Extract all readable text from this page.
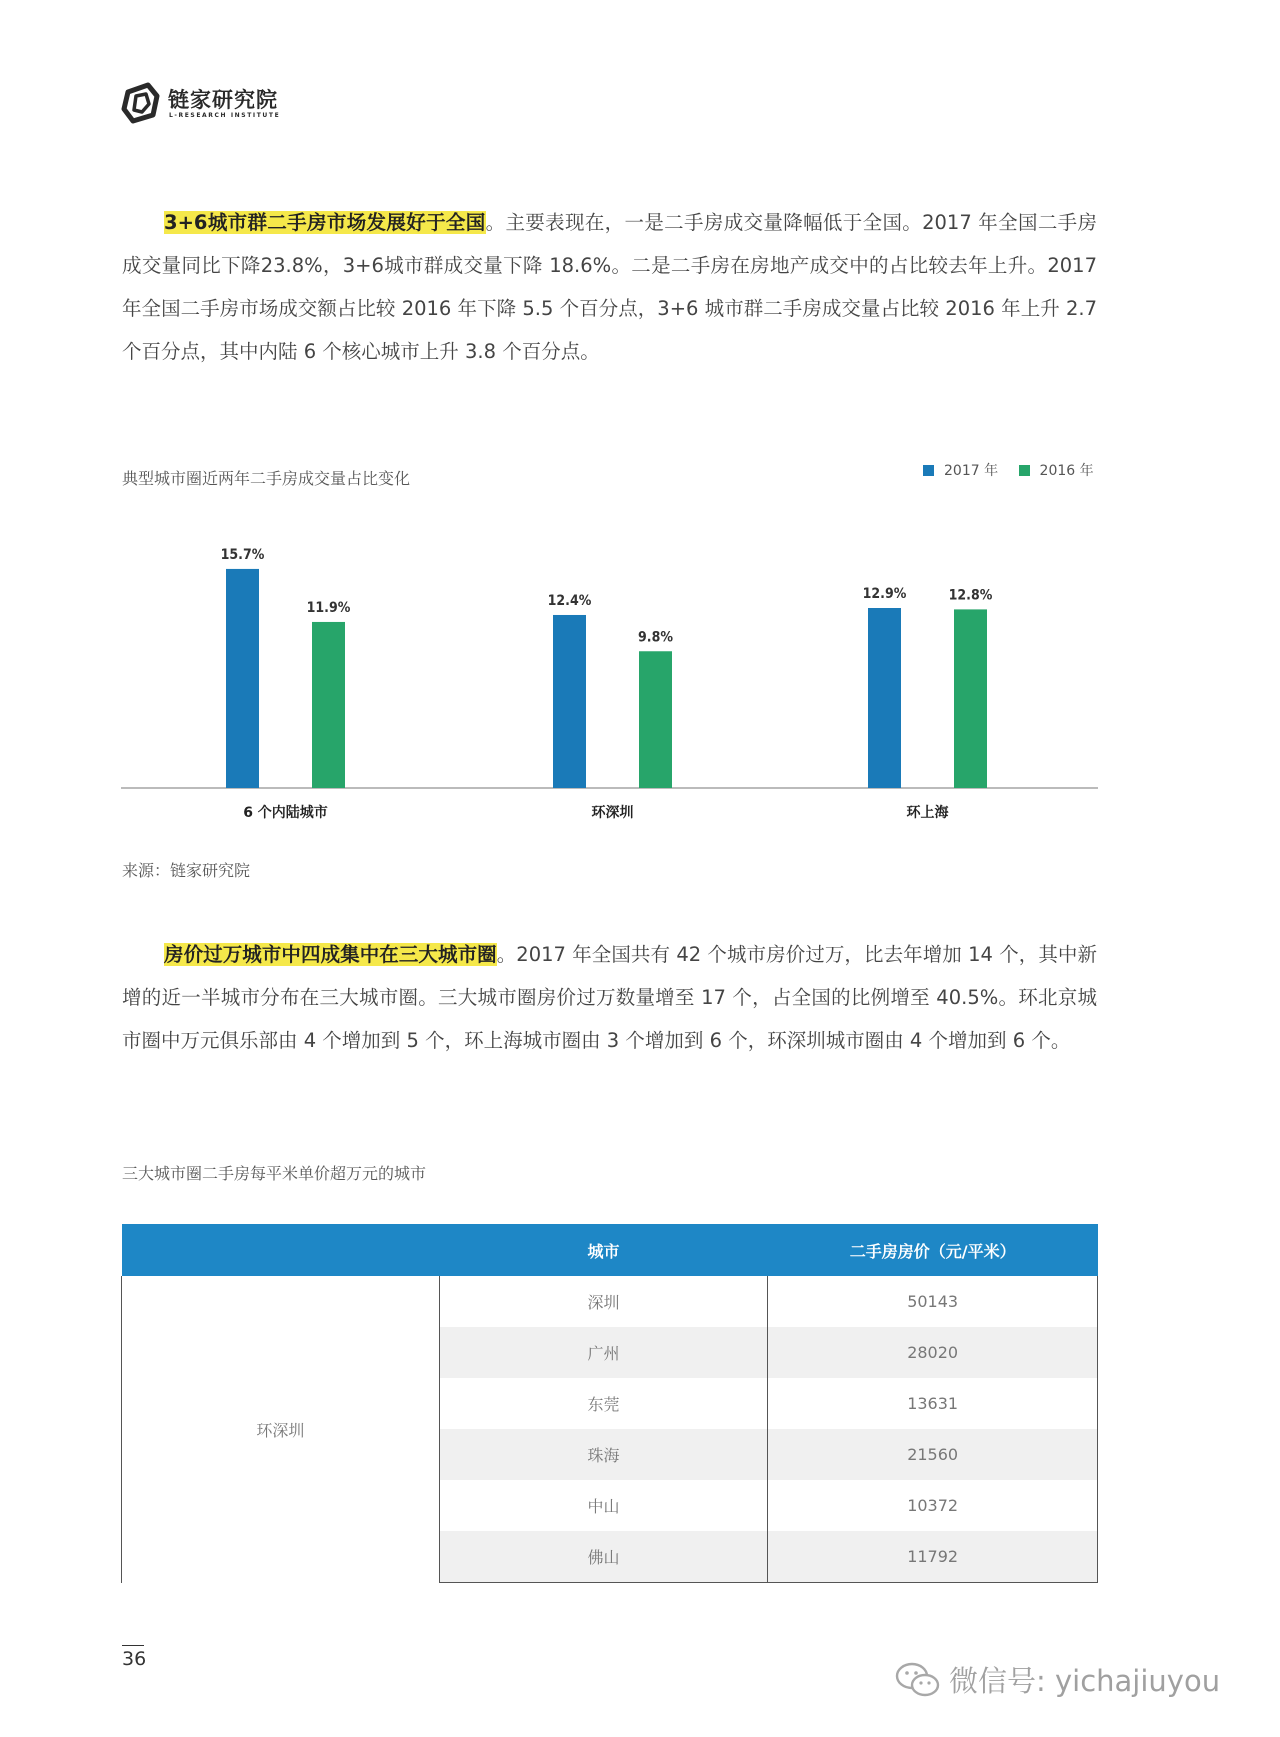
链家研究院
L-RESEARCH INSTITUTE

3+6城市群二手房市场发展好于全国。主要表现在，一是二手房成交量降幅低于全国。2017 年全国二手房成交量同比下降23.8%，3+6城市群成交量下降 18.6%。二是二手房在房地产成交中的占比较去年上升。2017 年全国二手房市场成交额占比较 2016 年下降 5.5 个百分点，3+6 城市群二手房成交量占比较 2016 年上升 2.7 个百分点，其中内陆 6 个核心城市上升 3.8 个百分点。

典型城市圈近两年二手房成交量占比变化	2017 年	2016 年
15.7%
11.9%
6 个内陆城市
12.4%
9.8%
环深圳
12.9%	12.8%
环上海
来源：链家研究院

房价过万城市中四成集中在三大城市圈。2017 年全国共有 42 个城市房价过万，比去年增加 14 个，其中新增的近一半城市分布在三大城市圈。三大城市圈房价过万数量增至 17 个，占全国的比例增至 40.5%。环北京城市圈中万元俱乐部由 4 个增加到 5 个，环上海城市圈由 3 个增加到 6 个，环深圳城市圈由 4 个增加到 6 个。

三大城市圈二手房每平米单价超万元的城市
	城市	二手房房价（元/平米）
环深圳	深圳	50143
	广州	28020
	东莞	13631
	珠海	21560
	中山	10372
	佛山	11792
36
微信号: yichajiuyou
